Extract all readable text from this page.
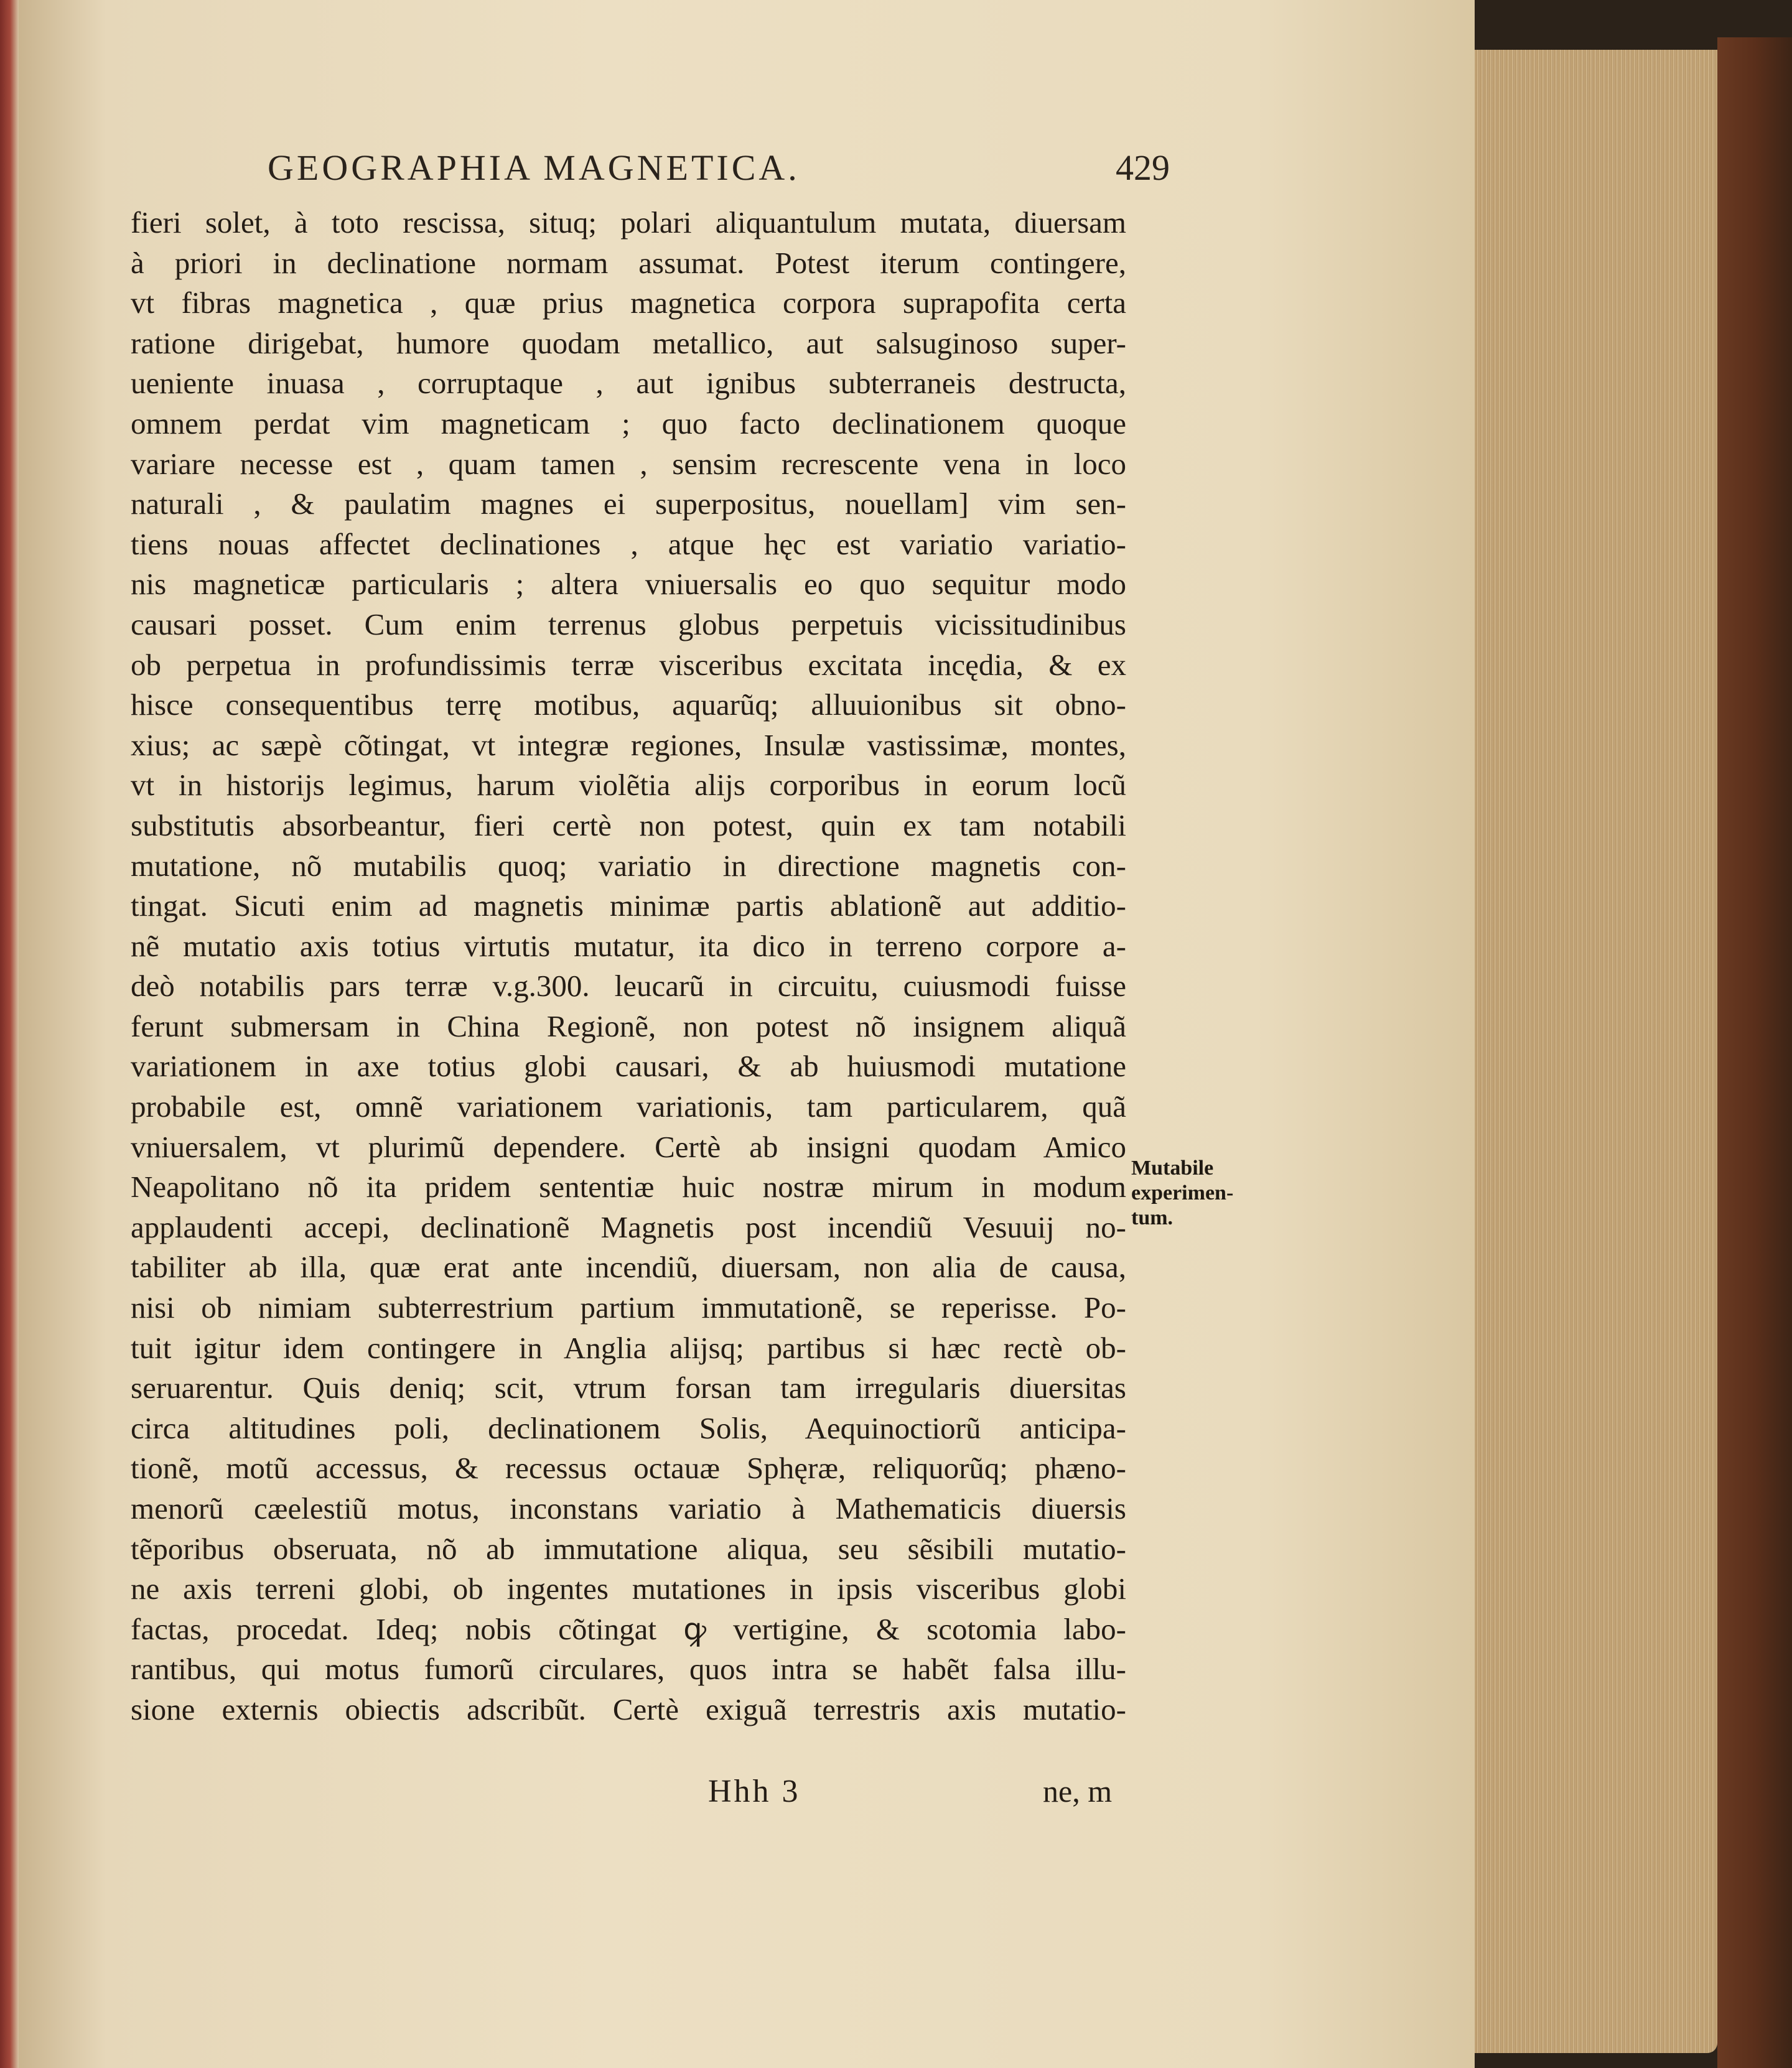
GEOGRAPHIA MAGNETICA.	429
fieri solet, à toto rescissa, situq; polari aliquantulum mutata, diuersam
à priori in declinatione normam assumat. Potest iterum contingere,
vt fibras magnetica , quæ prius magnetica corpora suprapofita certa
ratione dirigebat, humore quodam metallico, aut salsuginoso super-
ueniente inuasa , corruptaque , aut ignibus subterraneis destructa,
omnem perdat vim magneticam ; quo facto declinationem quoque
variare necesse est , quam tamen , sensim recrescente vena in loco
naturali , & paulatim magnes ei superpositus, nouellam] vim sen-
tiens nouas affectet declinationes , atque hęc est variatio variatio-
nis magneticæ particularis ; altera vniuersalis eo quo sequitur modo
causari posset. Cum enim terrenus globus perpetuis vicissitudinibus
ob perpetua in profundissimis terræ visceribus excitata incędia, & ex
hisce consequentibus terrę motibus, aquarũq; alluuionibus sit obno-
xius; ac sæpè cõtingat, vt integræ regiones, Insulæ vastissimæ, montes,
vt in historijs legimus, harum violẽtia alijs corporibus in eorum locũ
substitutis absorbeantur, fieri certè non potest, quin ex tam notabili
mutatione, nõ mutabilis quoq; variatio in directione magnetis con-
tingat. Sicuti enim ad magnetis minimæ partis ablationẽ aut additio-
nẽ mutatio axis totius virtutis mutatur, ita dico in terreno corpore a-
deò notabilis pars terræ v.g.300. leucarũ in circuitu, cuiusmodi fuisse
ferunt submersam in China Regionẽ, non potest nõ insignem aliquã
variationem in axe totius globi causari, & ab huiusmodi mutatione
probabile est, omnẽ variationem variationis, tam particularem, quã
vniuersalem, vt plurimũ dependere. Certè ab insigni quodam Amico
Neapolitano nõ ita pridem sententiæ huic nostræ mirum in modum
applaudenti accepi, declinationẽ Magnetis post incendiũ Vesuuij no-
tabiliter ab illa, quæ erat ante incendiũ, diuersam, non alia de causa,
nisi ob nimiam subterrestrium partium immutationẽ, se reperisse. Po-
tuit igitur idem contingere in Anglia alijsq; partibus si hæc rectè ob-
seruarentur. Quis deniq; scit, vtrum forsan tam irregularis diuersitas
circa altitudines poli, declinationem Solis, Aequinoctiorũ anticipa-
tionẽ, motũ accessus, & recessus octauæ Sphęræ, reliquorũq; phæno-
menorũ cæelestiũ motus, inconstans variatio à Mathematicis diuersis
tẽporibus obseruata, nõ ab immutatione aliqua, seu sẽsibili mutatio-
ne axis terreni globi, ob ingentes mutationes in ipsis visceribus globi
factas, procedat. Ideq; nobis cõtingat ꝙ vertigine, & scotomia labo-
rantibus, qui motus fumorũ circulares, quos intra se habẽt falsa illu-
sione externis obiectis adscribũt. Certè exiguã terrestris axis mutatio-
Mutabile
experimen-
tum.
Hhh 3	ne, m
